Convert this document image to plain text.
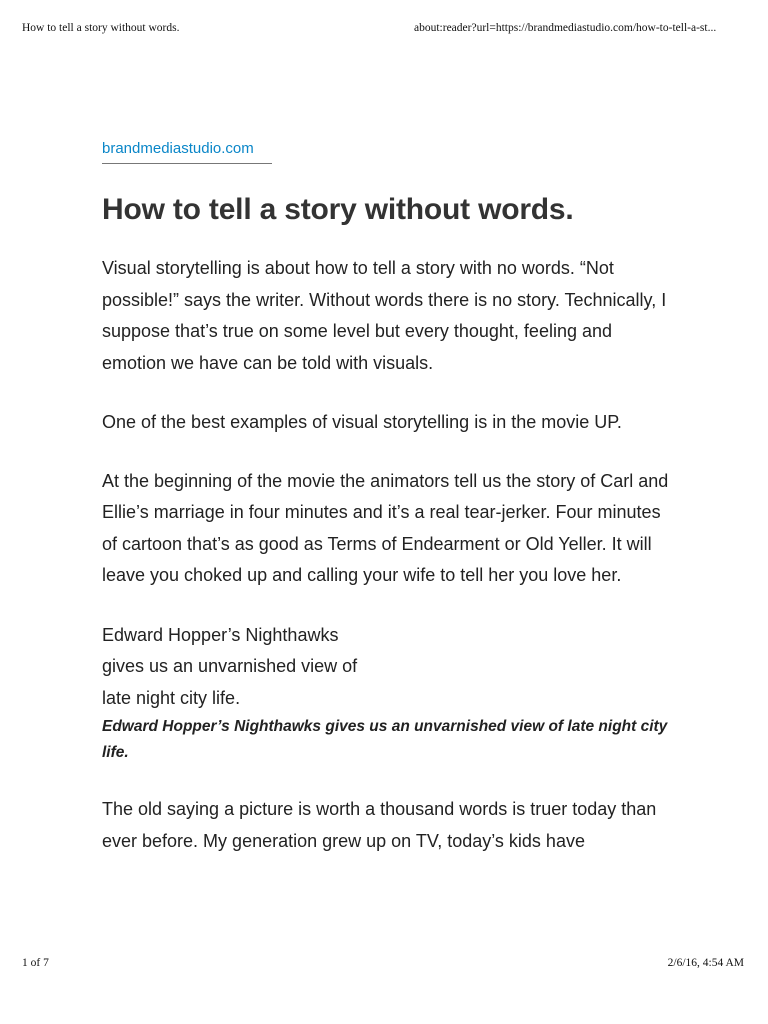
How to tell a story without words.	about:reader?url=https://brandmediastudio.com/how-to-tell-a-st...
brandmediastudio.com
How to tell a story without words.

Visual storytelling is about how to tell a story with no words. “Not possible!” says the writer. Without words there is no story. Technically, I suppose that’s true on some level but every thought, feeling and emotion we have can be told with visuals.

One of the best examples of visual storytelling is in the movie UP.

At the beginning of the movie the animators tell us the story of Carl and Ellie’s marriage in four minutes and it’s a real tear-jerker. Four minutes of cartoon that’s as good as Terms of Endearment or Old Yeller. It will leave you choked up and calling your wife to tell her you love her.

Edward Hopper’s Nighthawks
gives us an unvarnished view of
late night city life.

Edward Hopper’s Nighthawks gives us an unvarnished view of late night city life.

The old saying a picture is worth a thousand words is truer today than ever before. My generation grew up on TV, today’s kids have

1 of 7	2/6/16, 4:54 AM
